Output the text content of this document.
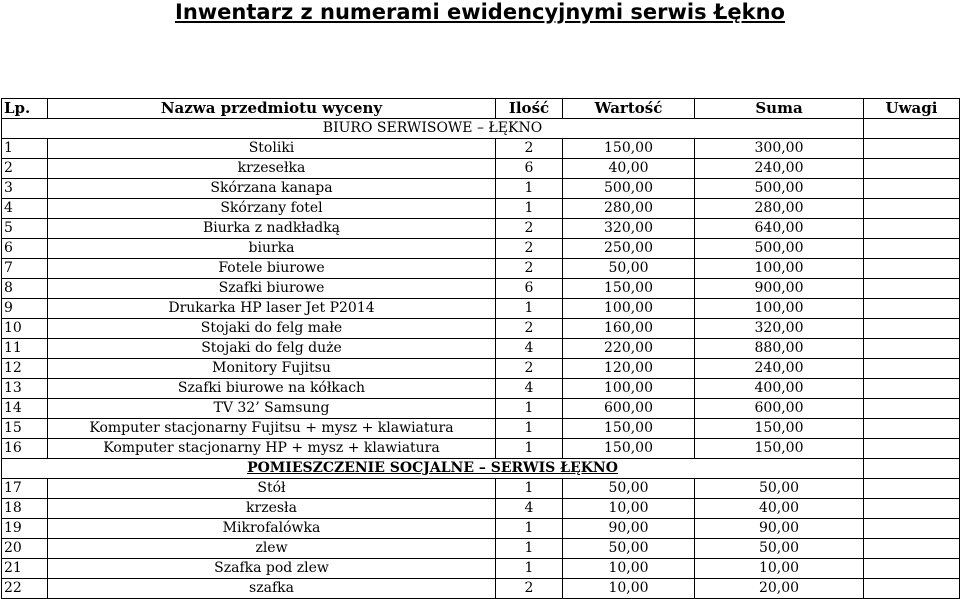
Inwentarz z numerami ewidencyjnymi serwis Łękno
Lp.	Nazwa przedmiotu wyceny	Ilość	Wartość	Suma	Uwagi
BIURO SERWISOWE – ŁĘKNO					
1	Stoliki	2	150,00	300,00	
2	krzesełka	6	40,00	240,00	
3	Skórzana kanapa	1	500,00	500,00	
4	Skórzany fotel	1	280,00	280,00	
5	Biurka z nadkładką	2	320,00	640,00	
6	biurka	2	250,00	500,00	
7	Fotele biurowe	2	50,00	100,00	
8	Szafki biurowe	6	150,00	900,00	
9	Drukarka HP laser Jet P2014	1	100,00	100,00	
10	Stojaki do felg małe	2	160,00	320,00	
11	Stojaki do felg duże	4	220,00	880,00	
12	Monitory Fujitsu	2	120,00	240,00	
13	Szafki biurowe na kółkach	4	100,00	400,00	
14	TV 32’ Samsung	1	600,00	600,00	
15	Komputer stacjonarny Fujitsu + mysz + klawiatura	1	150,00	150,00	
16	Komputer stacjonarny HP + mysz + klawiatura	1	150,00	150,00	
POMIESZCZENIE SOCJALNE – SERWIS ŁĘKNO					
17	Stół	1	50,00	50,00	
18	krzesła	4	10,00	40,00	
19	Mikrofalówka	1	90,00	90,00	
20	zlew	1	50,00	50,00	
21	Szafka pod zlew	1	10,00	10,00	
22	szafka	2	10,00	20,00	
